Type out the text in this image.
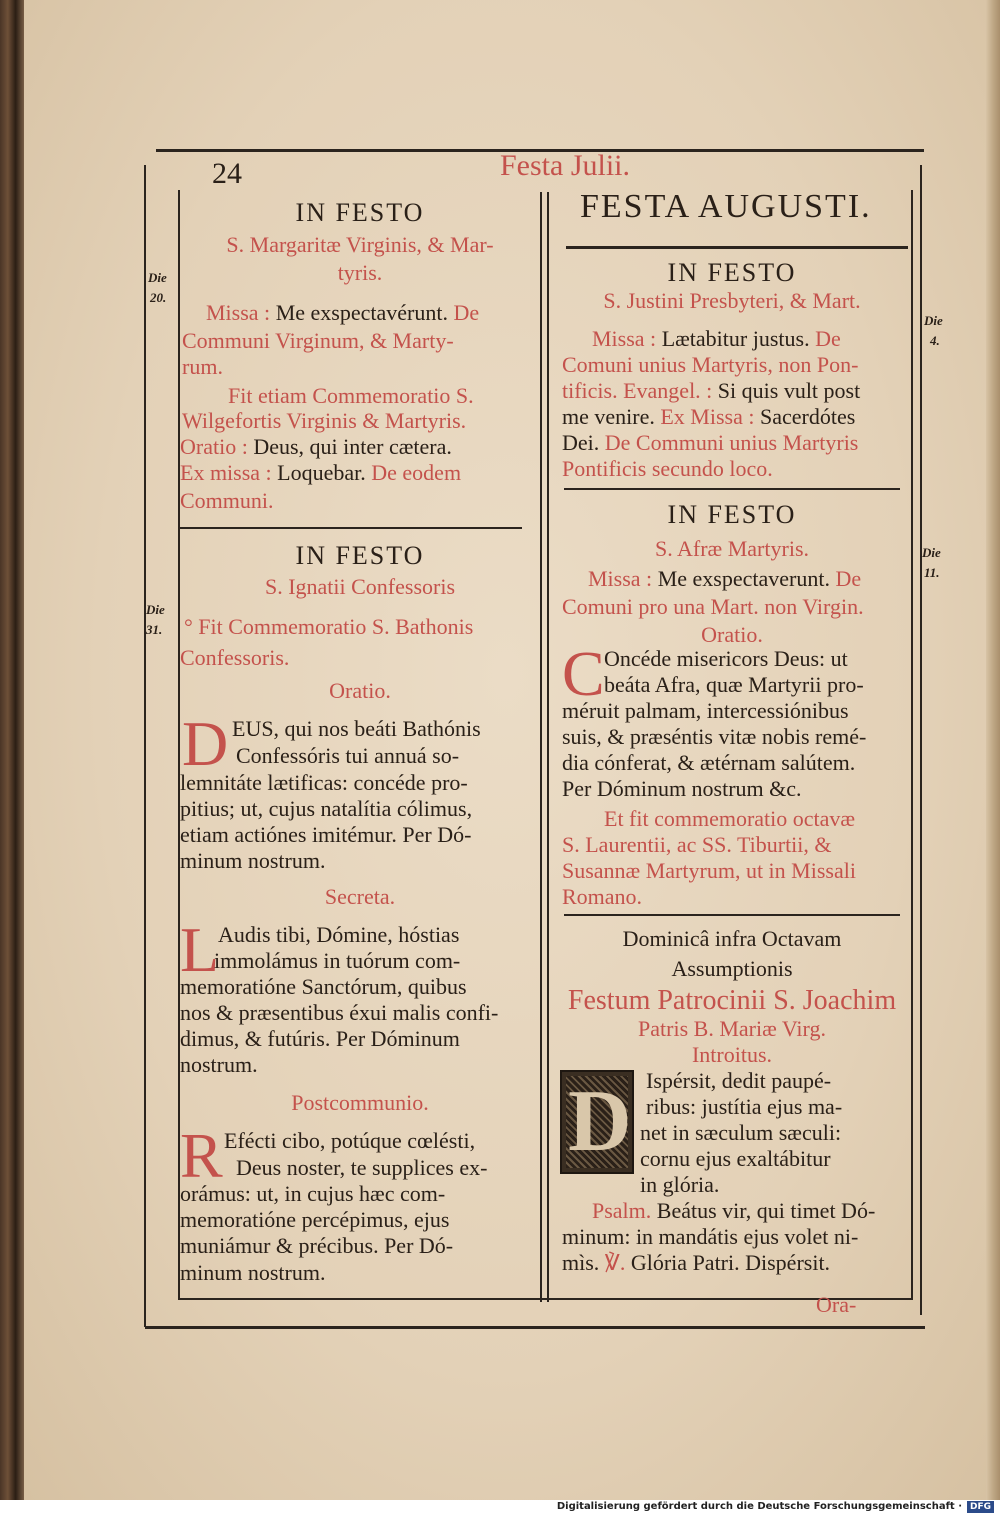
24	Festa Julii.
IN FESTO
S. Margaritæ Virginis, & Mar-
tyris.
Die
20.
Missa : Me exspectavérunt. De
Communi Virginum, & Marty-
rum.
Fit etiam Commemoratio S.
Wilgefortis Virginis & Martyris.
Oratio : Deus, qui inter cætera.
Ex missa : Loquebar. De eodem
Communi.
IN FESTO
S. Ignatii Confessoris
Die
31. ° Fit Commemoratio S. Bathonis
Confessoris.
Oratio.
D EUS, qui nos beáti Bathónis
Confessóris tui annuá so-
lemnitáte lætificas: concéde pro-
pitius; ut, cujus natalítia cólimus,
etiam actiónes imitémur. Per Dó-
minum nostrum.
Secreta.
L
Audis tibi, Dómine, hóstias
immolámus in tuórum com-
memoratióne Sanctórum, quibus
nos & præsentibus éxui malis confi-
dimus, & futúris. Per Dóminum
nostrum.
Postcommunio.
R Efécti cibo, potúque cœlésti,
Deus noster, te supplices ex-
orámus: ut, in cujus hæc com-
memoratióne percépimus, ejus
muniámur & précibus. Per Dó-
minum nostrum.
FESTA AUGUSTI.
IN FESTO
S. Justini Presbyteri, & Mart.
Die
4.
Missa : Lætabitur justus. De
Comuni unius Martyris, non Pon-
tificis. Evangel. : Si quis vult post
me venire. Ex Missa : Sacerdótes
Dei. De Communi unius Martyris
Pontificis secundo loco.
IN FESTO
S. Afræ Martyris.	Die
11.
Missa : Me exspectaverunt. De
Comuni pro una Mart. non Virgin.
Oratio.
C Oncéde misericors Deus: ut
beáta Afra, quæ Martyrii pro-
méruit palmam, intercessiónibus
suis, & præséntis vitæ nobis remé-
dia cónferat, & ætérnam salútem.
Per Dóminum nostrum &c.
Et fit commemoratio octavæ
S. Laurentii, ac SS. Tiburtii, &
Susannæ Martyrum, ut in Missali
Romano.
Dominicâ infra Octavam
Assumptionis
Festum Patrocinii S. Joachim
Patris B. Mariæ Virg.
Introitus.
D Ispérsit, dedit paupé-
ribus: justítia ejus ma-
net in sæculum sæculi:
cornu ejus exaltábitur
in glória.
Psalm. Beátus vir, qui timet Dó-
minum: in mandátis ejus volet ni-
mìs. ℣. Glória Patri. Dispérsit.
Ora-
Digitalisierung gefördert durch die Deutsche Forschungsgemeinschaft · DFG
